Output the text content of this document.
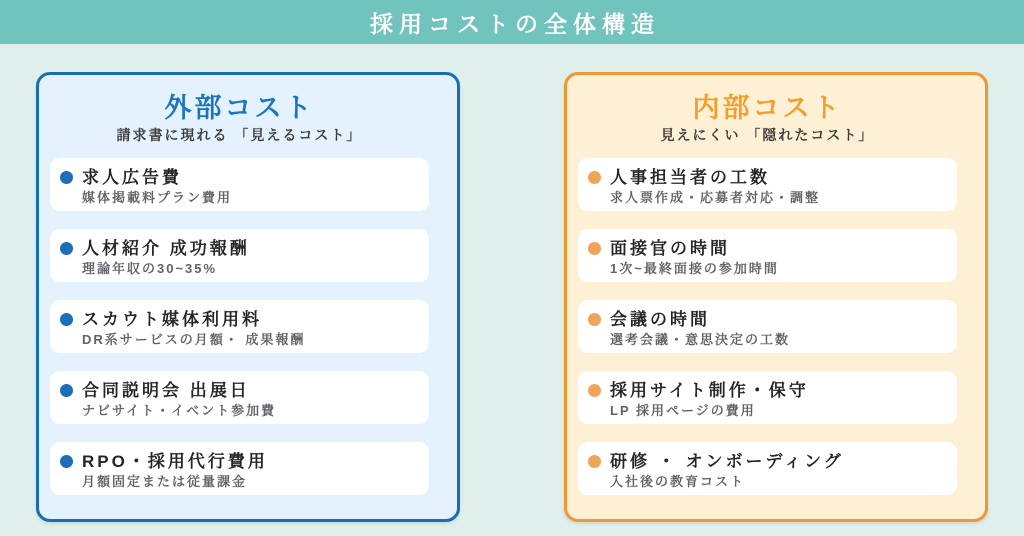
採用コストの全体構造
外部コスト

請求書に現れる 「見えるコスト」

求人広告費
媒体掲載料プラン費用
人材紹介 成功報酬
理論年収の30~35%
スカウト媒体利用料
DR系サービスの月額・ 成果報酬
合同説明会 出展日
ナビサイト・イベント参加費
RPO・採用代行費用
月額固定または従量課金
内部コスト

見えにくい 「隠れたコスト」

人事担当者の工数
求人票作成・応募者対応・調整
面接官の時間
1次~最終面接の参加時間
会議の時間
選考会議・意思決定の工数
採用サイト制作・保守
LP 採用ページの費用
研修 ・ オンボーディング
入社後の教育コスト
